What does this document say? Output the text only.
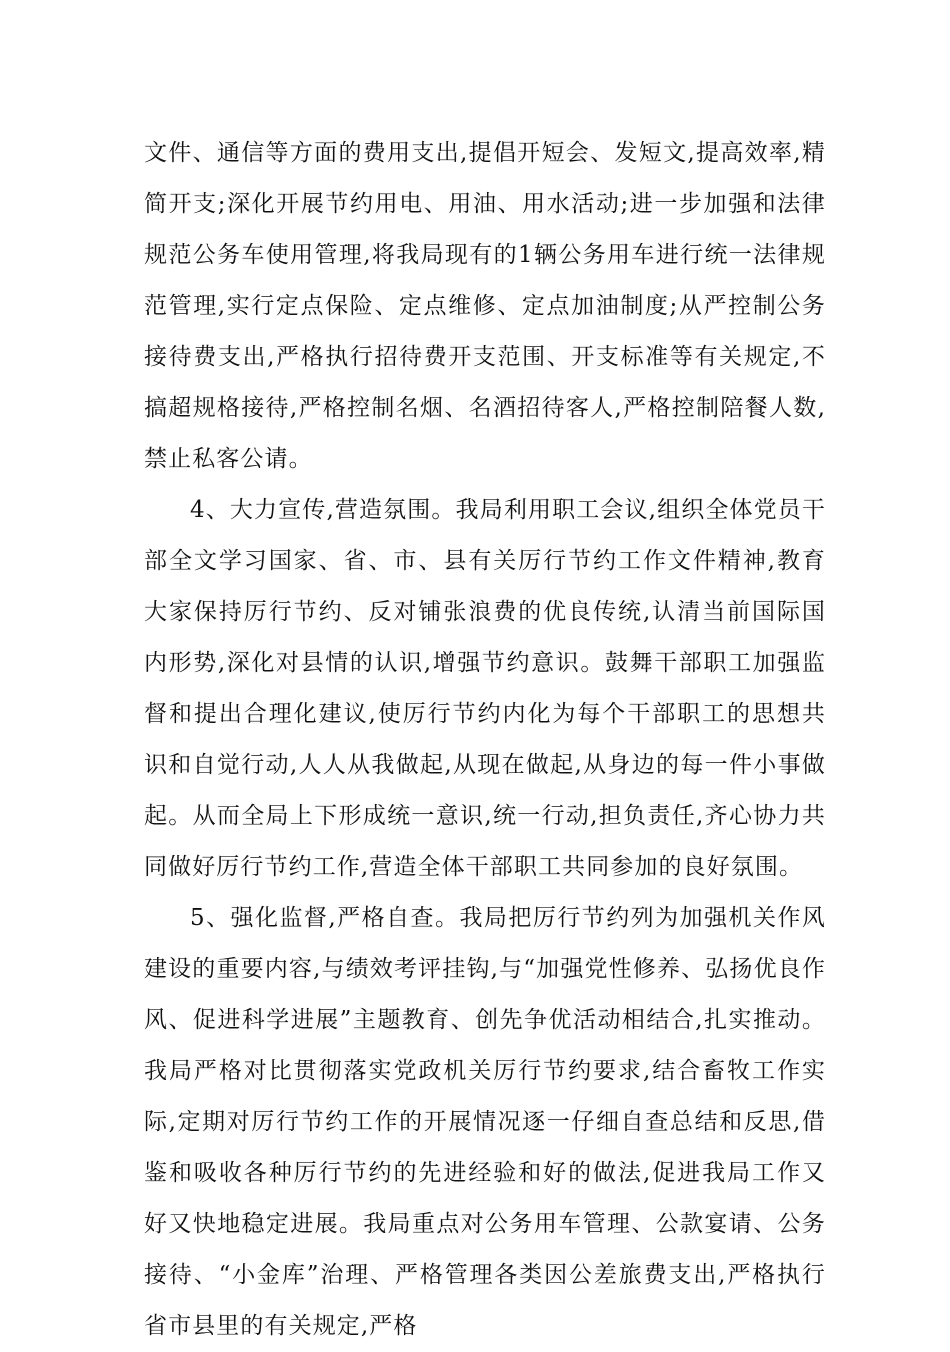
文件、通信等方面的费用支出,提倡开短会、发短文,提高效率,精简开支;深化开展节约用电、用油、用水活动;进一步加强和法律规范公务车使用管理,将我局现有的1辆公务用车进行统一法律规范管理,实行定点保险、定点维修、定点加油制度;从严控制公务接待费支出,严格执行招待费开支范围、开支标准等有关规定,不搞超规格接待,严格控制名烟、名酒招待客人,严格控制陪餐人数,禁止私客公请。

4、大力宣传,营造氛围。我局利用职工会议,组织全体党员干部全文学习国家、省、市、县有关厉行节约工作文件精神,教育大家保持厉行节约、反对铺张浪费的优良传统,认清当前国际国内形势,深化对县情的认识,增强节约意识。鼓舞干部职工加强监督和提出合理化建议,使厉行节约内化为每个干部职工的思想共识和自觉行动,人人从我做起,从现在做起,从身边的每一件小事做起。从而全局上下形成统一意识,统一行动,担负责任,齐心协力共同做好厉行节约工作,营造全体干部职工共同参加的良好氛围。

5、强化监督,严格自查。我局把厉行节约列为加强机关作风建设的重要内容,与绩效考评挂钩,与“加强党性修养、弘扬优良作风、促进科学进展”主题教育、创先争优活动相结合,扎实推动。我局严格对比贯彻落实党政机关厉行节约要求,结合畜牧工作实际,定期对厉行节约工作的开展情况逐一仔细自查总结和反思,借鉴和吸收各种厉行节约的先进经验和好的做法,促进我局工作又好又快地稳定进展。我局重点对公务用车管理、公款宴请、公务接待、“小金库”治理、严格管理各类因公差旅费支出,严格执行省市县里的有关规定,严格
